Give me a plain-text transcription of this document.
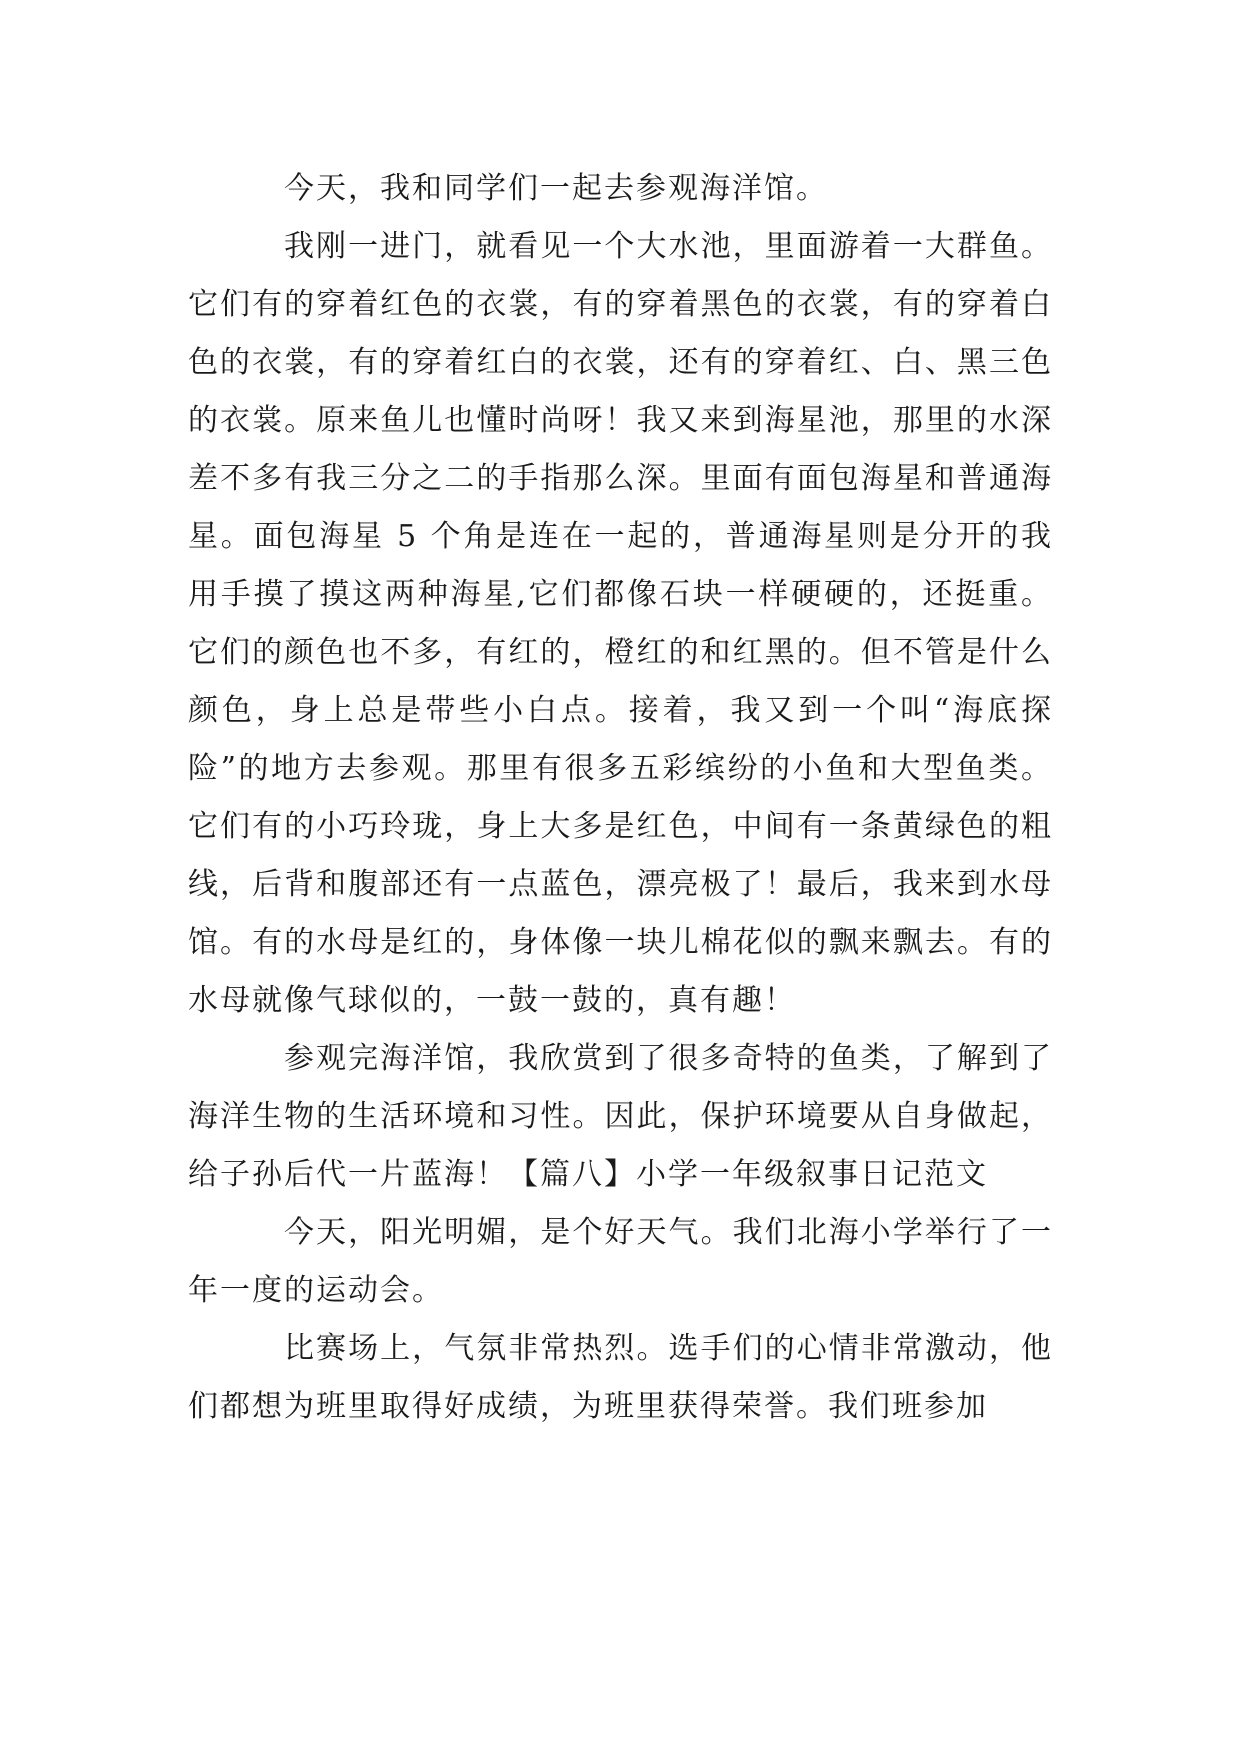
今天，我和同学们一起去参观海洋馆。

我刚一进门，就看见一个大水池，里面游着一大群鱼。它们有的穿着红色的衣裳，有的穿着黑色的衣裳，有的穿着白色的衣裳，有的穿着红白的衣裳，还有的穿着红、白、黑三色的衣裳。原来鱼儿也懂时尚呀！我又来到海星池，那里的水深差不多有我三分之二的手指那么深。里面有面包海星和普通海星。面包海星 5 个角是连在一起的，普通海星则是分开的我用手摸了摸这两种海星,它们都像石块一样硬硬的，还挺重。它们的颜色也不多，有红的，橙红的和红黑的。但不管是什么颜色，身上总是带些小白点。接着，我又到一个叫“海底探险”的地方去参观。那里有很多五彩缤纷的小鱼和大型鱼类。它们有的小巧玲珑，身上大多是红色，中间有一条黄绿色的粗线，后背和腹部还有一点蓝色，漂亮极了！最后，我来到水母馆。有的水母是红的，身体像一块儿棉花似的飘来飘去。有的水母就像气球似的，一鼓一鼓的，真有趣！

参观完海洋馆，我欣赏到了很多奇特的鱼类，了解到了海洋生物的生活环境和习性。因此，保护环境要从自身做起，给子孙后代一片蓝海！【篇八】小学一年级叙事日记范文

今天，阳光明媚，是个好天气。我们北海小学举行了一年一度的运动会。

比赛场上，气氛非常热烈。选手们的心情非常激动，他们都想为班里取得好成绩，为班里获得荣誉。我们班参加
